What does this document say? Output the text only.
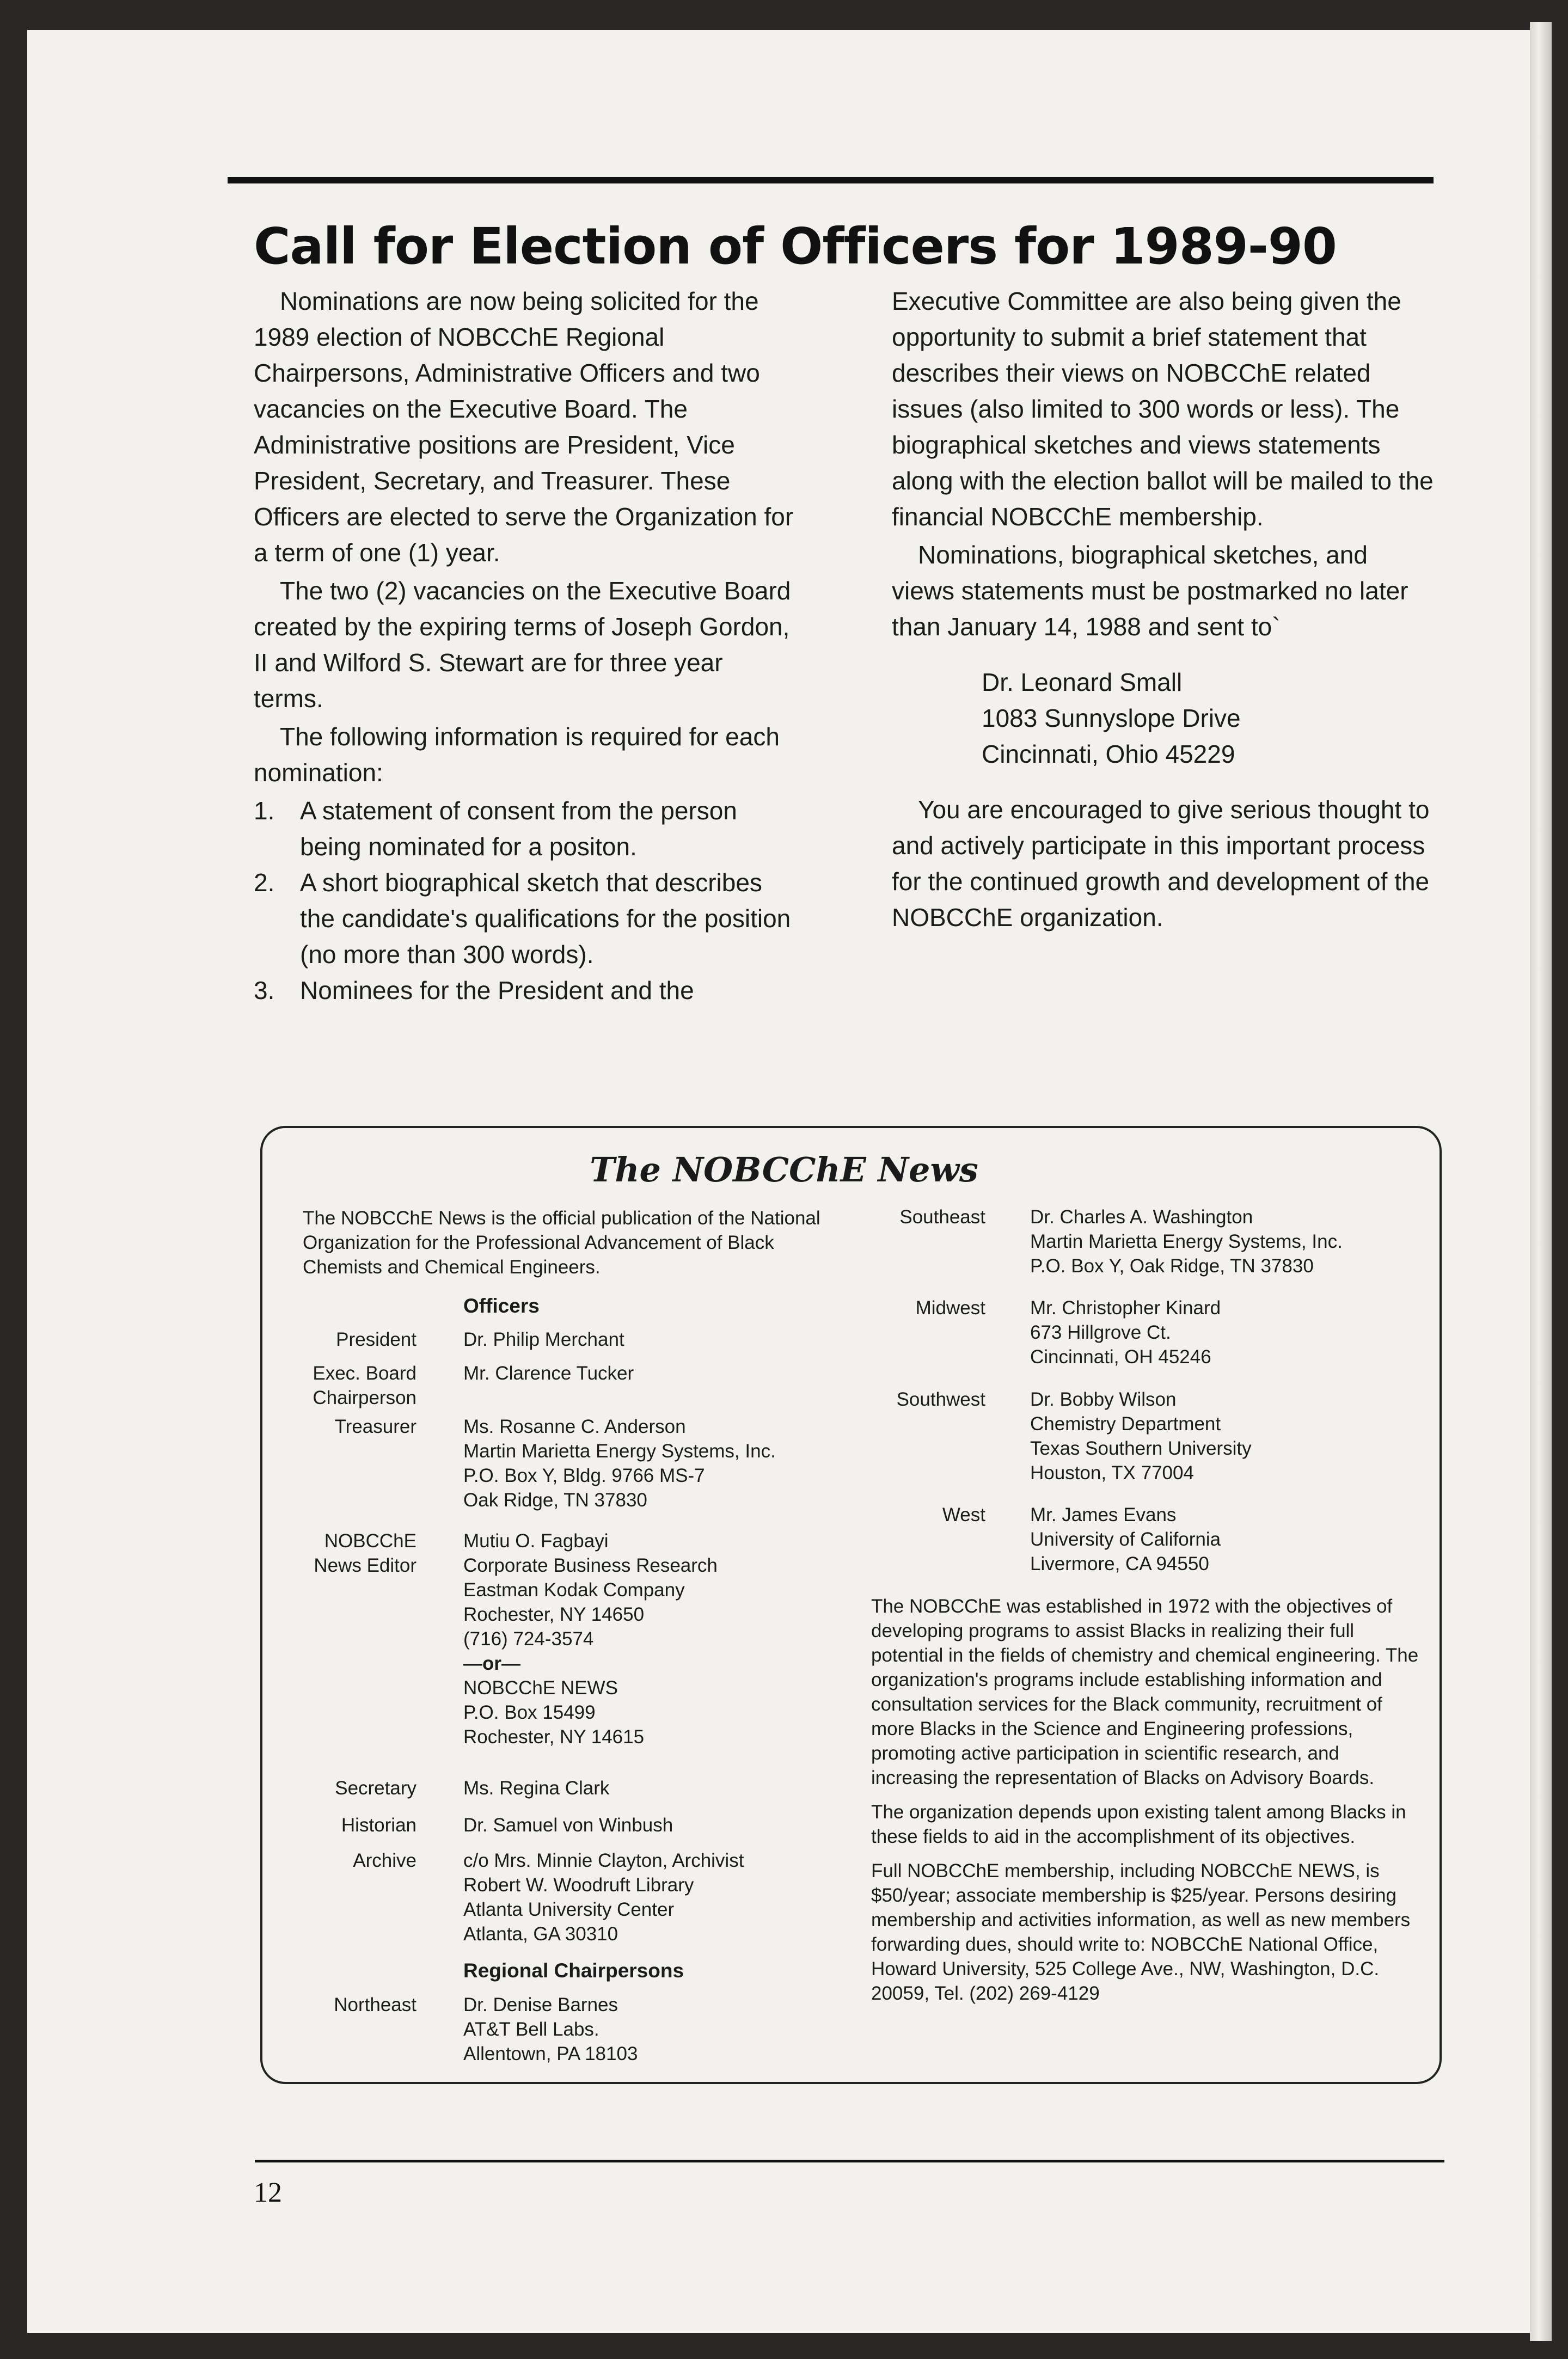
Call for Election of Officers for 1989-90

Nominations are now being solicited for the 1989 election of NOBCChE Regional Chairpersons, Administrative Officers and two vacancies on the Executive Board. The Administrative positions are President, Vice President, Secretary, and Treasurer. These Officers are elected to serve the Organization for a term of one (1) year.

The two (2) vacancies on the Executive Board created by the expiring terms of Joseph Gordon, II and Wilford S. Stewart are for three year terms.

The following information is required for each nomination:

1. A statement of consent from the person being nominated for a positon.
2. A short biographical sketch that describes the candidate's qualifications for the position (no more than 300 words).
3. Nominees for the President and the

Executive Committee are also being given the opportunity to submit a brief statement that describes their views on NOBCChE related issues (also limited to 300 words or less). The biographical sketches and views statements along with the election ballot will be mailed to the financial NOBCChE membership.

Nominations, biographical sketches, and views statements must be postmarked no later than January 14, 1988 and sent to`

Dr. Leonard Small
1083 Sunnyslope Drive
Cincinnati, Ohio 45229

You are encouraged to give serious thought to and actively participate in this important process for the continued growth and development of the NOBCChE organization.

The NOBCChE News
The NOBCChE News is the official publication of the National Organization for the Professional Advancement of Black Chemists and Chemical Engineers.
Officers
President Dr. Philip Merchant
Exec. Board Chairperson
Mr. Clarence Tucker
Treasurer Ms. Rosanne C. Anderson
Martin Marietta Energy Systems, Inc.
P.O. Box Y, Bldg. 9766 MS-7
Oak Ridge, TN 37830
NOBCChE News Editor
Mutiu O. Fagbayi
Corporate Business Research
Eastman Kodak Company
Rochester, NY 14650
(716) 724-3574
—or—
NOBCChE NEWS
P.O. Box 15499
Rochester, NY 14615
Secretary Ms. Regina Clark
Historian Dr. Samuel von Winbush
Archive c/o Mrs. Minnie Clayton, Archivist
Robert W. Woodruft Library
Atlanta University Center
Atlanta, GA 30310
Regional Chairpersons
Northeast Dr. Denise Barnes
AT&T Bell Labs.
Allentown, PA 18103
Southeast Dr. Charles A. Washington
Martin Marietta Energy Systems, Inc.
P.O. Box Y, Oak Ridge, TN 37830
Midwest Mr. Christopher Kinard
673 Hillgrove Ct.
Cincinnati, OH 45246
Southwest Dr. Bobby Wilson
Chemistry Department
Texas Southern University
Houston, TX 77004
West Mr. James Evans
University of California
Livermore, CA 94550

The NOBCChE was established in 1972 with the objectives of developing programs to assist Blacks in realizing their full potential in the fields of chemistry and chemical engineering. The organization's programs include establishing information and consultation services for the Black community, recruitment of more Blacks in the Science and Engineering professions, promoting active participation in scientific research, and increasing the representation of Blacks on Advisory Boards.

The organization depends upon existing talent among Blacks in these fields to aid in the accomplishment of its objectives.

Full NOBCChE membership, including NOBCChE NEWS, is $50/year; associate membership is $25/year. Persons desiring membership and activities information, as well as new members forwarding dues, should write to: NOBCChE National Office, Howard University, 525 College Ave., NW, Washington, D.C. 20059, Tel. (202) 269-4129

12
